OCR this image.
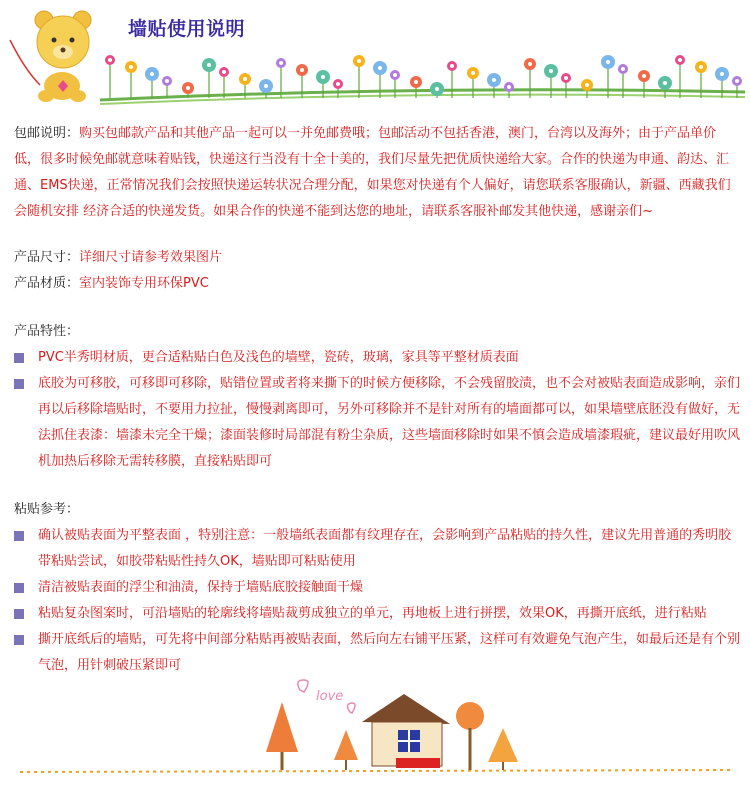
墙贴使用说明
包邮说明：购买包邮款产品和其他产品一起可以一并免邮费哦；包邮活动不包括香港，澳门，台湾以及海外；由于产品单价低，很多时候免邮就意味着贴钱，快递这行当没有十全十美的，我们尽量先把优质快递给大家。合作的快递为申通、韵达、汇通、EMS快递，正常情况我们会按照快递运转状况合理分配，如果您对快递有个人偏好，请您联系客服确认，新疆、西藏我们会随机安排 经济合适的快递发货。如果合作的快递不能到达您的地址，请联系客服补邮发其他快递，感谢亲们~
产品尺寸：详细尺寸请参考效果图片
产品材质：室内装饰专用环保PVC
产品特性：
PVC半秀明材质，更合适粘贴白色及浅色的墙壁，瓷砖，玻璃，家具等平整材质表面
底胶为可移胶，可移即可移除，贴错位置或者将来撕下的时候方便移除，不会残留胶渍，也不会对被贴表面造成影响，亲们再以后移除墙贴时，不要用力拉扯，慢慢剥离即可，另外可移除并不是针对所有的墙面都可以，如果墙壁底胚没有做好，无法抓住表漆：墙漆未完全干燥；漆面装修时局部混有粉尘杂质，这些墙面移除时如果不慎会造成墙漆瑕疵，建议最好用吹风机加热后移除无需转移膜，直接粘贴即可
粘贴参考：
确认被贴表面为平整表面 ，特别注意：一般墙纸表面都有纹理存在，会影响到产品粘贴的持久性，建议先用普通的秀明胶带粘贴尝试，如胶带粘贴性持久OK，墙贴即可粘贴使用
清洁被贴表面的浮尘和油渍，保持于墙贴底胶接触面干燥
粘贴复杂图案时，可沿墙贴的轮廓线将墙贴裁剪成独立的单元，再地板上进行拼摆，效果OK，再撕开底纸，进行粘贴
撕开底纸后的墙贴，可先将中间部分粘贴再被贴表面，然后向左右铺平压紧，这样可有效避免气泡产生，如最后还是有个别气泡，用针刺破压紧即可
love
